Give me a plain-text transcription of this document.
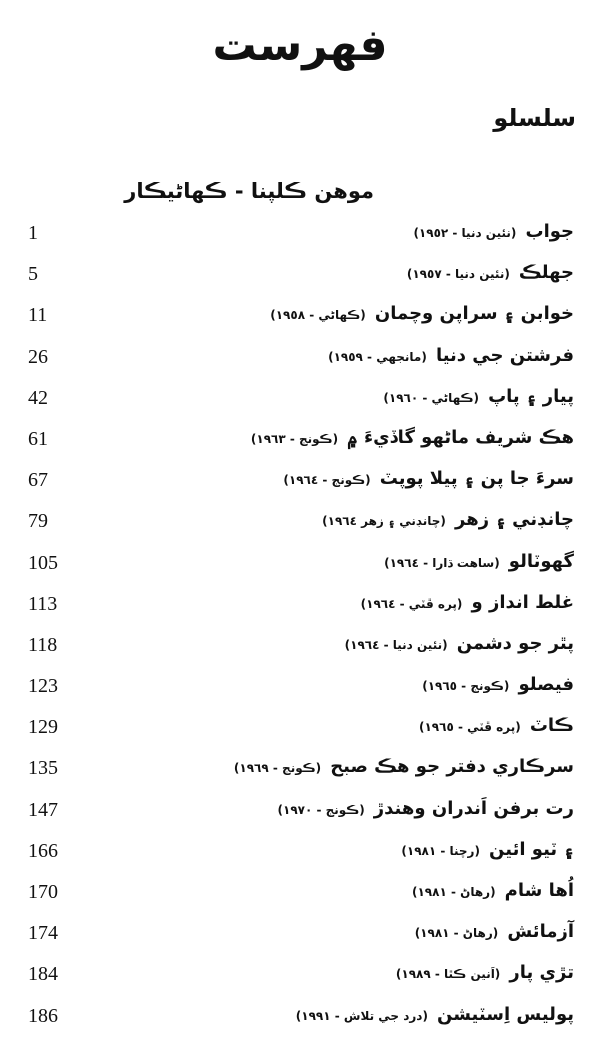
فهرست
سلسلو
موهن ڪلپنا - ڪهاڻيڪار
1	جواب (نئين دنيا - ١٩٥٢)
5	جهلڪ (نئين دنيا - ١٩٥٧)
11	خوابن ۽ سراپن وچمان (ڪهاڻي - ١٩٥٨)
26	فرشتن جي دنيا (مانجهي - ١٩٥٩)
42	پيار ۽ پاپ (ڪهاڻي - ١٩٦٠)
61	هڪ شريف ماڻهو گاڏيءَ ۾ (ڪونج - ١٩٦٣)
67	سرءَ جا پن ۽ پيلا پوپٽ (ڪونج - ١٩٦٤)
79	چانڊني ۽ زهر (چانڊني ۽ زهر ١٩٦٤)
105	گهوٽالو (ساهت ڌارا - ١٩٦٤)
113	غلط انداز و (پره ڦٽي - ١٩٦٤)
118	پٿر جو دشمن (نئين دنيا - ١٩٦٤)
123	فيصلو (ڪونج - ١٩٦٥)
129	ڪاٽ (پره ڦٽي - ١٩٦٥)
135	سرڪاري دفتر جو هڪ صبح (ڪونج - ١٩٦٩)
147	رت برفن اَندران وهندڙ (ڪونج - ١٩٧٠)
166	۽ ٽيو ائين (رچنا - ١٩٨١)
170	اُها شام (رهاڻ - ١٩٨١)
174	آزمائش (رهاڻ - ١٩٨١)
184	تڙي پار (اَنين ڪٿا - ١٩٨٩)
186	پوليس اِسٽيشن (درد جي تلاش - ١٩٩١)
